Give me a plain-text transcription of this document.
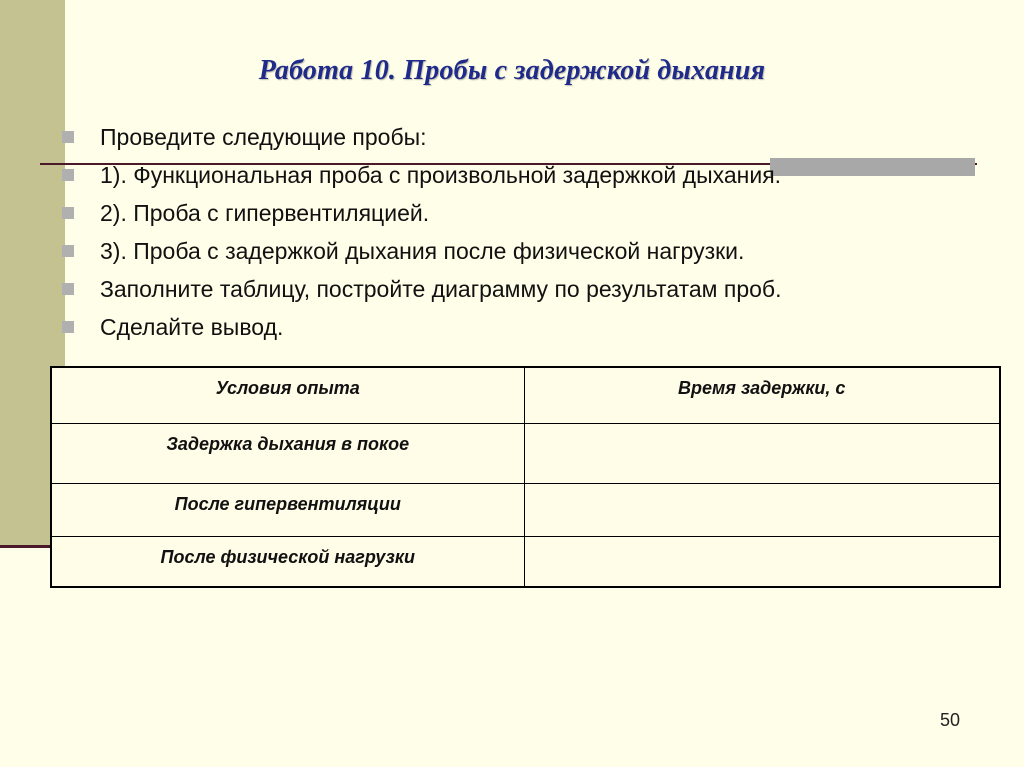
Работа 10. Пробы с задержкой дыхания
Проведите следующие пробы:
1). Функциональная проба с произвольной задержкой дыхания.
2). Проба с гипервентиляцией.
3). Проба с задержкой дыхания после физической нагрузки.
Заполните таблицу, постройте диаграмму по результатам проб.
Сделайте вывод.
Условия опыта	Время задержки, с
Задержка дыхания в покое	
После гипервентиляции	
После физической нагрузки	
50
